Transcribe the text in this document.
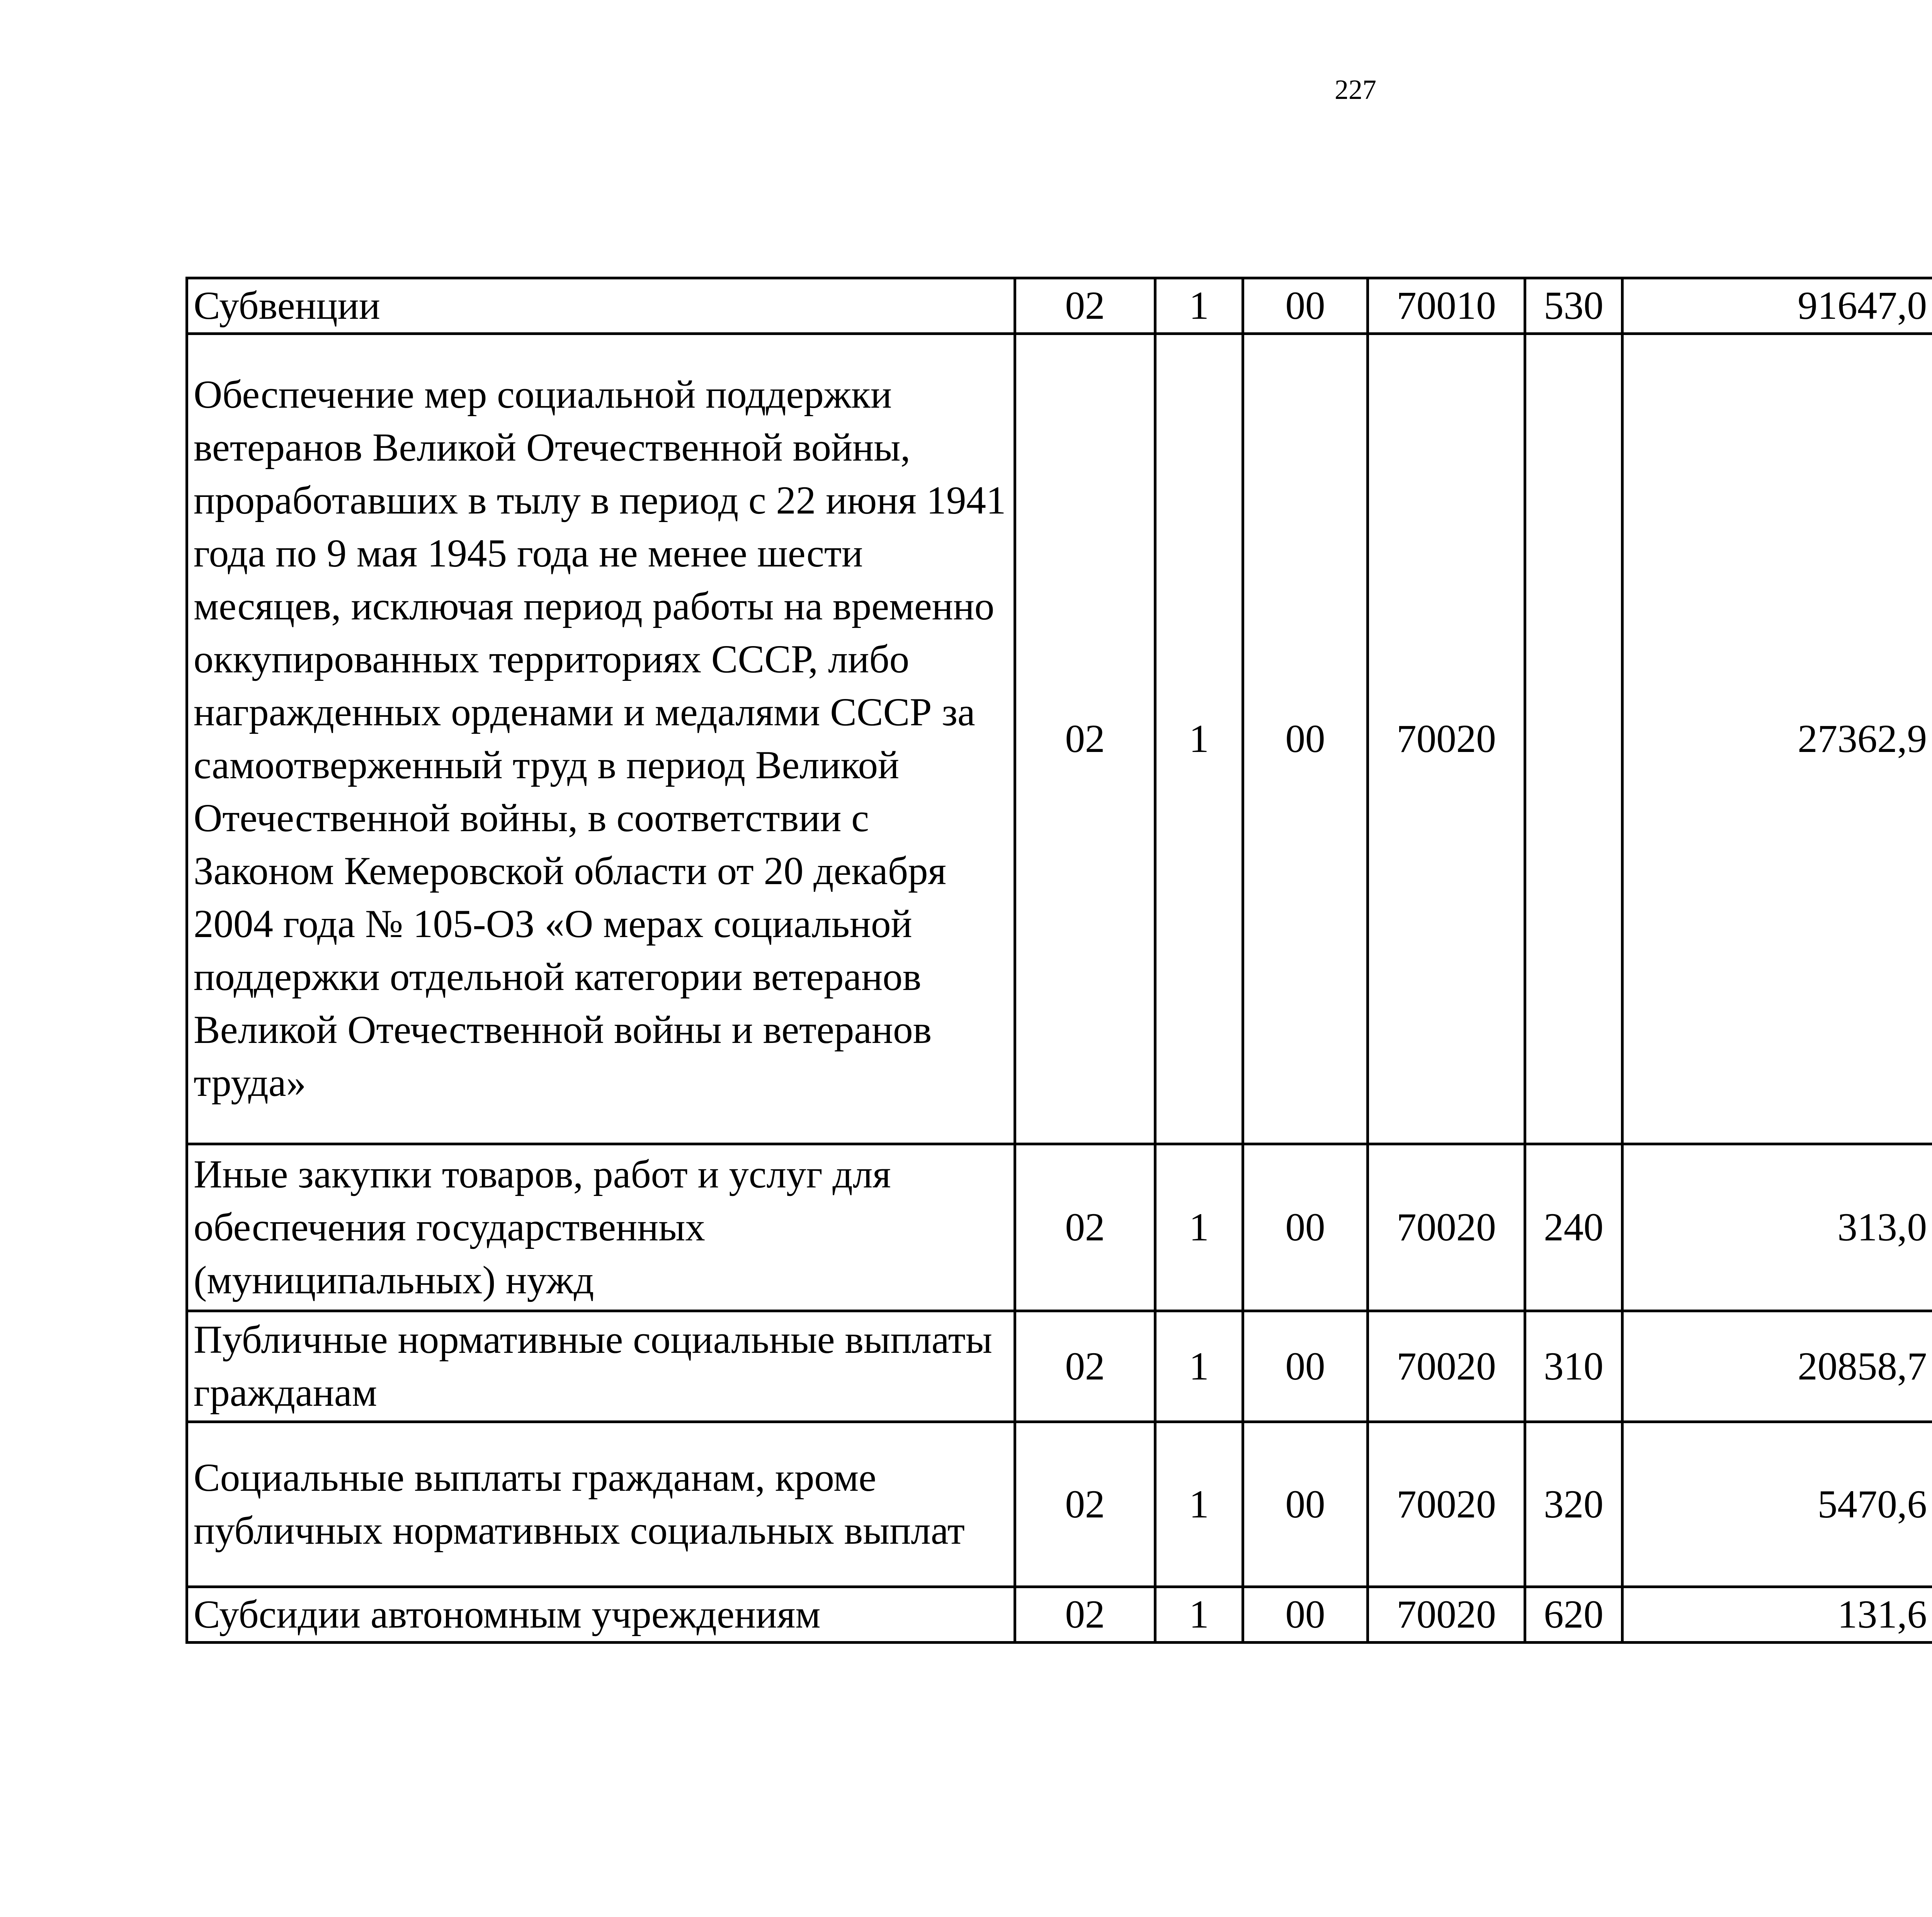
227
Субвенции	02	1	00	70010	530	91647,0		
Обеспечение мер социальной поддержки ветеранов Великой Отечественной войны, проработавших в тылу в период с 22 июня 1941 года по 9 мая 1945 года не менее шести месяцев, исключая период работы на временно оккупированных территориях СССР, либо награжденных орденами и медалями СССР за самоотверженный труд в период Великой Отечественной войны, в соответствии с Законом Кемеровской области от 20 декабря 2004 года № 105-ОЗ «О мерах социальной поддержки отдельной категории ветеранов Великой Отечественной войны и ветеранов труда»	02	1	00	70020		27362,9		
Иные закупки товаров, работ и услуг для обеспечения государственных (муниципальных) нужд	02	1	00	70020	240	313,0		
Публичные нормативные социальные выплаты гражданам	02	1	00	70020	310	20858,7		
Социальные выплаты гражданам, кроме публичных нормативных социальных выплат	02	1	00	70020	320	5470,6		
Субсидии автономным учреждениям	02	1	00	70020	620	131,6		
